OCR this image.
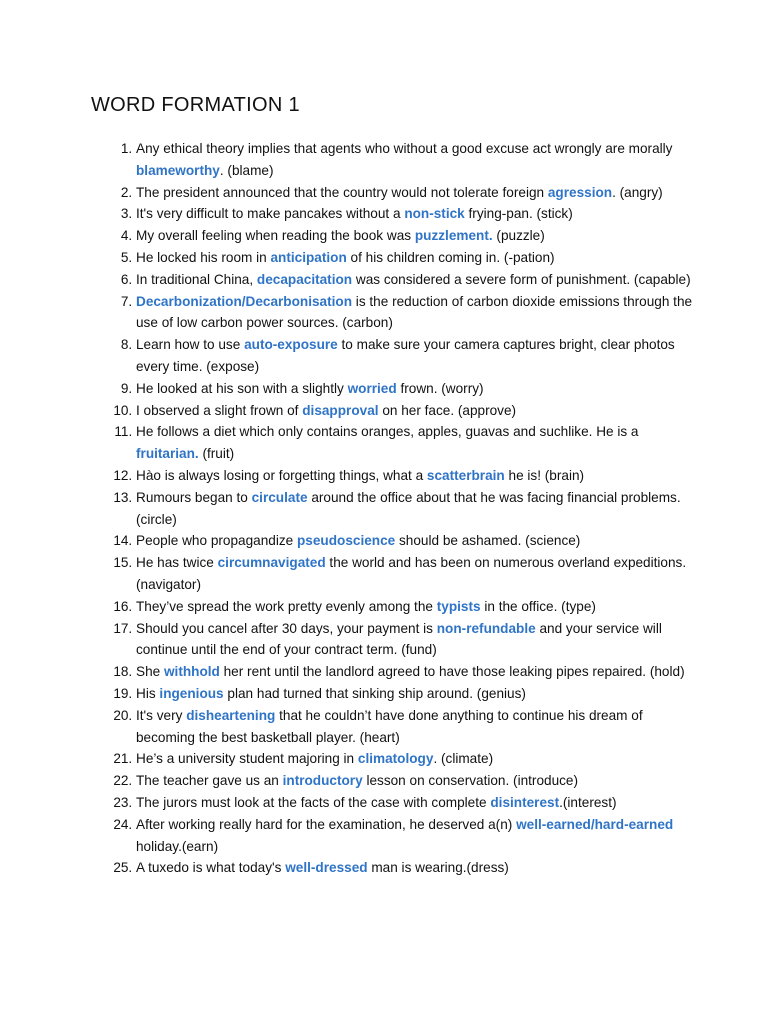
WORD FORMATION 1
1. Any ethical theory implies that agents who without a good excuse act wrongly are morally blameworthy. (blame)
2. The president announced that the country would not tolerate foreign agression. (angry)
3. It's very difficult to make pancakes without a non-stick frying-pan. (stick)
4. My overall feeling when reading the book was puzzlement. (puzzle)
5. He locked his room in anticipation of his children coming in. (-pation)
6. In traditional China, decapacitation was considered a severe form of punishment. (capable)
7. Decarbonization/Decarbonisation is the reduction of carbon dioxide emissions through the use of low carbon power sources. (carbon)
8. Learn how to use auto-exposure to make sure your camera captures bright, clear photos every time. (expose)
9. He looked at his son with a slightly worried frown. (worry)
10. I observed a slight frown of disapproval on her face. (approve)
11. He follows a diet which only contains oranges, apples, guavas and suchlike. He is a fruitarian. (fruit)
12. Hào is always losing or forgetting things, what a scatterbrain he is! (brain)
13. Rumours began to circulate around the office about that he was facing financial problems. (circle)
14. People who propagandize pseudoscience should be ashamed. (science)
15. He has twice circumnavigated the world and has been on numerous overland expeditions. (navigator)
16. They’ve spread the work pretty evenly among the typists in the office. (type)
17. Should you cancel after 30 days, your payment is non-refundable and your service will continue until the end of your contract term. (fund)
18. She withhold her rent until the landlord agreed to have those leaking pipes repaired. (hold)
19. His ingenious plan had turned that sinking ship around. (genius)
20. It's very disheartening that he couldn’t have done anything to continue his dream of becoming the best basketball player. (heart)
21. He’s a university student majoring in climatology. (climate)
22. The teacher gave us an introductory lesson on conservation. (introduce)
23. The jurors must look at the facts of the case with complete disinterest.(interest)
24. After working really hard for the examination, he deserved a(n) well-earned/hard-earned holiday.(earn)
25. A tuxedo is what today's well-dressed man is wearing.(dress)
